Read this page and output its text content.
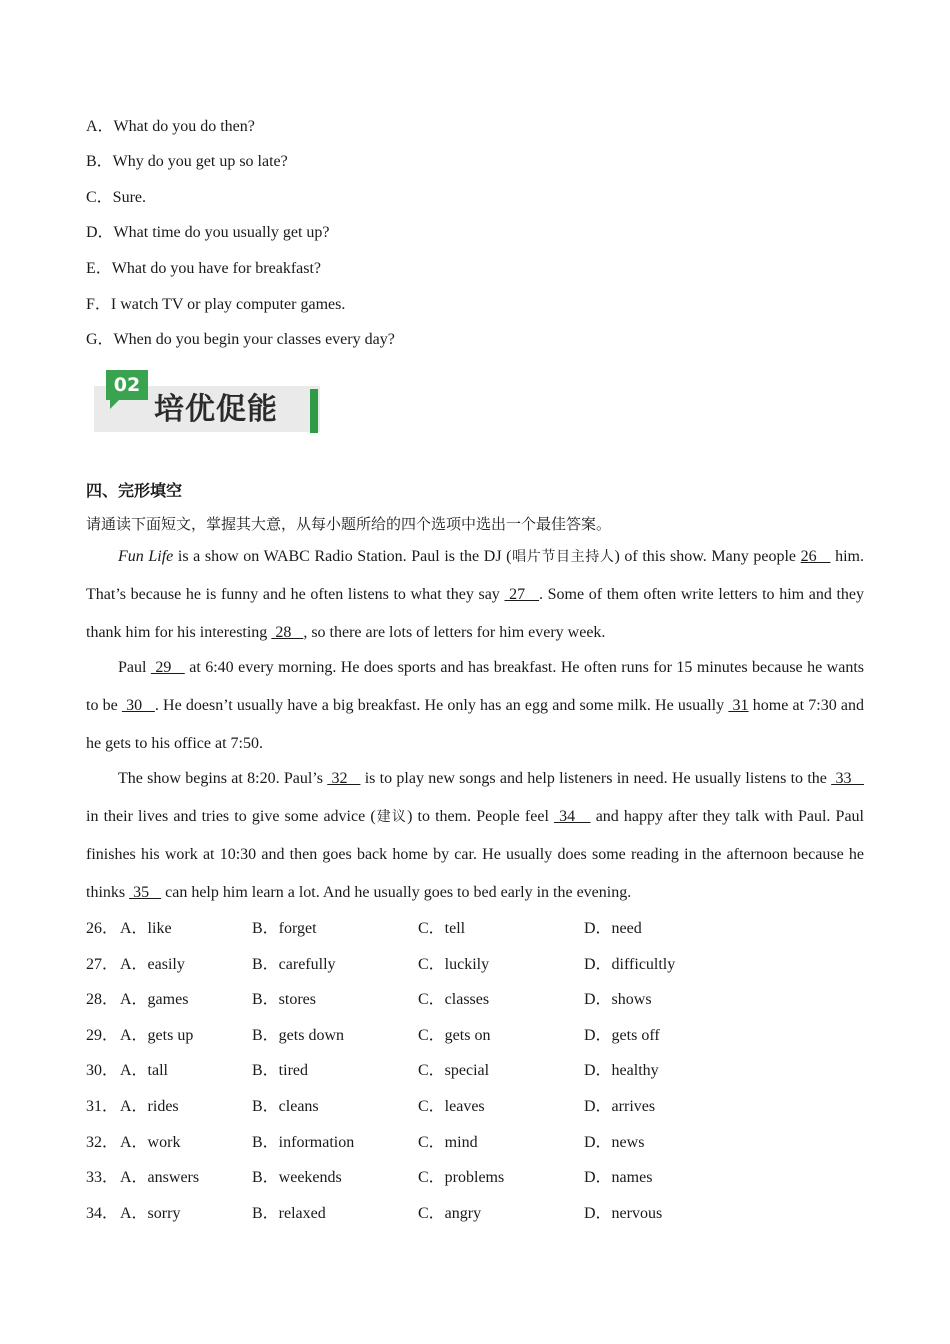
A．What do you do then?
B．Why do you get up so late?
C．Sure.
D．What time do you usually get up?
E．What do you have for breakfast?
F．I watch TV or play computer games.
G．When do you begin your classes every day?
02
培优促能
四、完形填空
请通读下面短文，掌握其大意，从每小题所给的四个选项中选出一个最佳答案。

Fun Life is a show on WABC Radio Station. Paul is the DJ (唱片节目主持人) of this show. Many people 26    him. That’s because he is funny and he often listens to what they say  27   . Some of them often write letters to him and they thank him for his interesting  28   , so there are lots of letters for him every week.

Paul  29    at 6:40 every morning. He does sports and has breakfast. He often runs for 15 minutes because he wants to be  30   . He doesn’t usually have a big breakfast. He only has an egg and some milk. He usually  31 home at 7:30 and he gets to his office at 7:50.

The show begins at 8:20. Paul’s  32    is to play new songs and help listeners in need. He usually listens to the  33    in their lives and tries to give some advice (建议) to them. People feel  34    and happy after they talk with Paul. Paul finishes his work at 10:30 and then goes back home by car. He usually does some reading in the afternoon because he thinks  35    can help him learn a lot. And he usually goes to bed early in the evening.

26． A．like	B．forget	C．tell	D．need
27． A．easily	B．carefully	C．luckily	D．difficultly
28． A．games	B．stores	C．classes	D．shows
29． A．gets up	B．gets down	C．gets on	D．gets off
30． A．tall	B．tired	C．special	D．healthy
31． A．rides	B．cleans	C．leaves	D．arrives
32． A．work	B．information	C．mind	D．news
33． A．answers	B．weekends	C．problems	D．names
34． A．sorry	B．relaxed	C．angry	D．nervous
